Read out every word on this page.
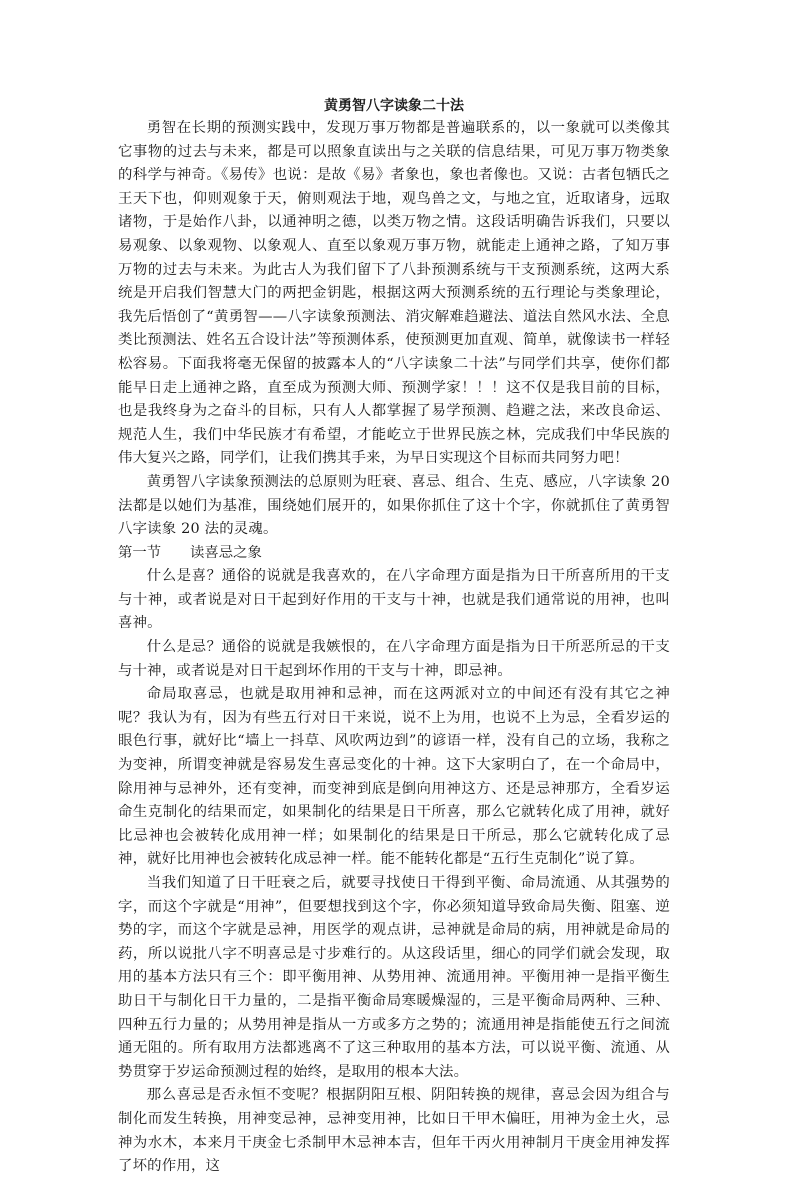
黄勇智八字读象二十法

勇智在长期的预测实践中，发现万事万物都是普遍联系的，以一象就可以类像其它事物的过去与未来，都是可以照象直读出与之关联的信息结果，可见万事万物类象的科学与神奇。《易传》也说：是故《易》者象也，象也者像也。又说：古者包牺氏之王天下也，仰则观象于天，俯则观法于地，观鸟兽之文，与地之宜，近取诸身，远取诸物，于是始作八卦，以通神明之德，以类万物之情。这段话明确告诉我们，只要以易观象、以象观物、以象观人、直至以象观万事万物，就能走上通神之路，了知万事万物的过去与未来。为此古人为我们留下了八卦预测系统与干支预测系统，这两大系统是开启我们智慧大门的两把金钥匙，根据这两大预测系统的五行理论与类象理论，我先后悟创了“黄勇智——八字读象预测法、消灾解难趋避法、道法自然风水法、全息类比预测法、姓名五合设计法”等预测体系，使预测更加直观、简单，就像读书一样轻松容易。下面我将毫无保留的披露本人的“八字读象二十法”与同学们共享，使你们都能早日走上通神之路，直至成为预测大师、预测学家！！！这不仅是我目前的目标，也是我终身为之奋斗的目标，只有人人都掌握了易学预测、趋避之法，来改良命运、规范人生，我们中华民族才有希望，才能屹立于世界民族之林，完成我们中华民族的伟大复兴之路，同学们，让我们携其手来，为早日实现这个目标而共同努力吧！

黄勇智八字读象预测法的总原则为旺衰、喜忌、组合、生克、感应，八字读象 20 法都是以她们为基准，围绕她们展开的，如果你抓住了这十个字，你就抓住了黄勇智八字读象 20 法的灵魂。

第一节　　读喜忌之象

什么是喜？通俗的说就是我喜欢的，在八字命理方面是指为日干所喜所用的干支与十神，或者说是对日干起到好作用的干支与十神，也就是我们通常说的用神，也叫喜神。

什么是忌？通俗的说就是我嫉恨的，在八字命理方面是指为日干所恶所忌的干支与十神，或者说是对日干起到坏作用的干支与十神，即忌神。

命局取喜忌，也就是取用神和忌神，而在这两派对立的中间还有没有其它之神呢？我认为有，因为有些五行对日干来说，说不上为用，也说不上为忌，全看岁运的眼色行事，就好比“墙上一抖草、风吹两边到”的谚语一样，没有自己的立场，我称之为变神，所谓变神就是容易发生喜忌变化的十神。这下大家明白了，在一个命局中，除用神与忌神外，还有变神，而变神到底是倒向用神这方、还是忌神那方，全看岁运命生克制化的结果而定，如果制化的结果是日干所喜，那么它就转化成了用神，就好比忌神也会被转化成用神一样；如果制化的结果是日干所忌，那么它就转化成了忌神，就好比用神也会被转化成忌神一样。能不能转化都是“五行生克制化”说了算。

当我们知道了日干旺衰之后，就要寻找使日干得到平衡、命局流通、从其强势的字，而这个字就是“用神”，但要想找到这个字，你必须知道导致命局失衡、阻塞、逆势的字，而这个字就是忌神，用医学的观点讲，忌神就是命局的病，用神就是命局的药，所以说批八字不明喜忌是寸步难行的。从这段话里，细心的同学们就会发现，取用的基本方法只有三个：即平衡用神、从势用神、流通用神。平衡用神一是指平衡生助日干与制化日干力量的，二是指平衡命局寒暖燥湿的，三是平衡命局两种、三种、四种五行力量的；从势用神是指从一方或多方之势的；流通用神是指能使五行之间流通无阻的。所有取用方法都逃离不了这三种取用的基本方法，可以说平衡、流通、从势贯穿于岁运命预测过程的始终，是取用的根本大法。

那么喜忌是否永恒不变呢？根据阴阳互根、阴阳转换的规律，喜忌会因为组合与制化而发生转换，用神变忌神，忌神变用神，比如日干甲木偏旺，用神为金土火，忌神为水木，本来月干庚金七杀制甲木忌神本吉，但年干丙火用神制月干庚金用神发挥了坏的作用，这
